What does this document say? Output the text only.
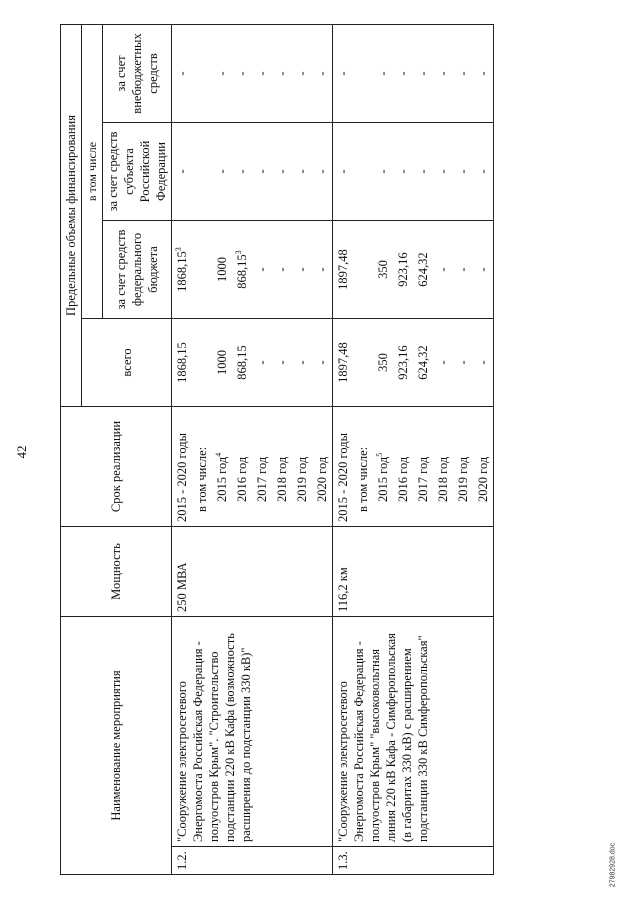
42
27982928.doc
Наименование мероприятия		Мощность	Срок реализации	Предельные объемы финансирования			
				всего	в том числе		
					за счет средств федерального бюджета	за счет средств субъекта Российской Федерации	за счет внебюджетных средств
1.2.	"Сооружение электросетевого Энергомоста Российская Федерация - полуостров Крым". "Строительство подстанции 220 кВ Кафа (возможность расширения до подстанции 330 кВ)"	250 МВА	2015 - 2020 годы	1868,15	1868,15$^3$	-	-
			в том числе:				
			2015 год$^4$	1000	1000	-	-
			2016 год	868,15	868,15$^3$	-	-
			2017 год	-	-	-	-
			2018 год	-	-	-	-
			2019 год	-	-	-	-
			2020 год	-	-	-	-
1.3.	"Сооружение электросетевого Энергомоста Российская Федерация - полуостров Крым" "высоковольтная линия 220 кВ Кафа - Симферопольская (в габаритах 330 кВ) с расширением подстанции 330 кВ Симферопольская"	116,2 км	2015 - 2020 годы	1897,48	1897,48	-	-
			в том числе:				
			2015 год$^5$	350	350	-	-
			2016 год	923,16	923,16	-	-
			2017 год	624,32	624,32	-	-
			2018 год	-	-	-	-
			2019 год	-	-	-	-
			2020 год	-	-	-	-
